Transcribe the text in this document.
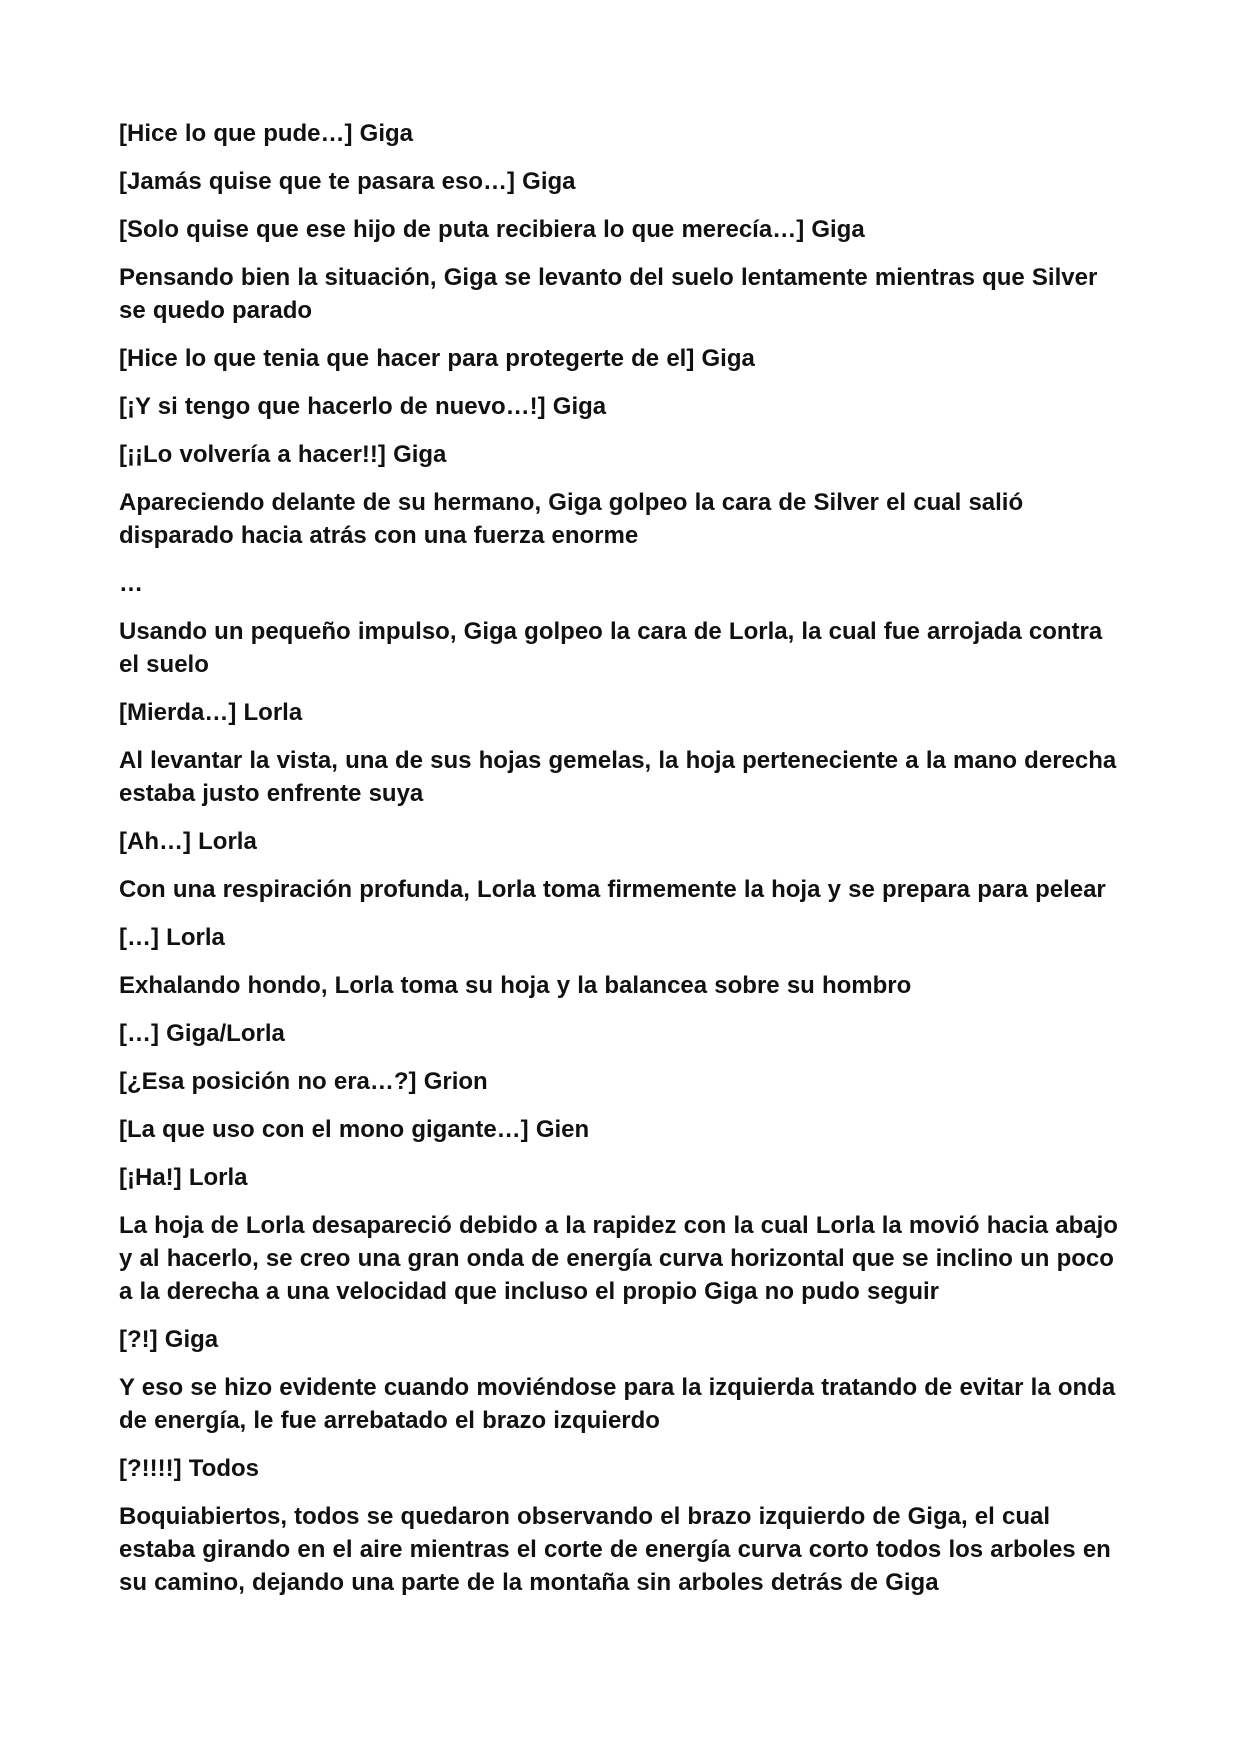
[Hice lo que pude…] Giga

[Jamás quise que te pasara eso…] Giga

[Solo quise que ese hijo de puta recibiera lo que merecía…] Giga

Pensando bien la situación, Giga se levanto del suelo lentamente mientras que Silver se quedo parado

[Hice lo que tenia que hacer para protegerte de el] Giga

[¡Y si tengo que hacerlo de nuevo…!] Giga

[¡¡Lo volvería a hacer!!] Giga

Apareciendo delante de su hermano, Giga golpeo la cara de Silver el cual salió disparado hacia atrás con una fuerza enorme

…

Usando un pequeño impulso, Giga golpeo la cara de Lorla, la cual fue arrojada contra el suelo

[Mierda…] Lorla

Al levantar la vista, una de sus hojas gemelas, la hoja perteneciente a la mano derecha estaba justo enfrente suya

[Ah…] Lorla

Con una respiración profunda, Lorla toma firmemente la hoja y se prepara para pelear

[…] Lorla

Exhalando hondo, Lorla toma su hoja y la balancea sobre su hombro

[…] Giga/Lorla

[¿Esa posición no era…?] Grion

[La que uso con el mono gigante…] Gien

[¡Ha!] Lorla

La hoja de Lorla desapareció debido a la rapidez con la cual Lorla la movió hacia abajo y al hacerlo, se creo una gran onda de energía curva horizontal que se inclino un poco a la derecha a una velocidad que incluso el propio Giga no pudo seguir

[?!] Giga

Y eso se hizo evidente cuando moviéndose para la izquierda tratando de evitar la onda de energía, le fue arrebatado el brazo izquierdo

[?!!!!] Todos

Boquiabiertos, todos se quedaron observando el brazo izquierdo de Giga, el cual estaba girando en el aire mientras el corte de energía curva corto todos los arboles en su camino, dejando una parte de la montaña sin arboles detrás de Giga
